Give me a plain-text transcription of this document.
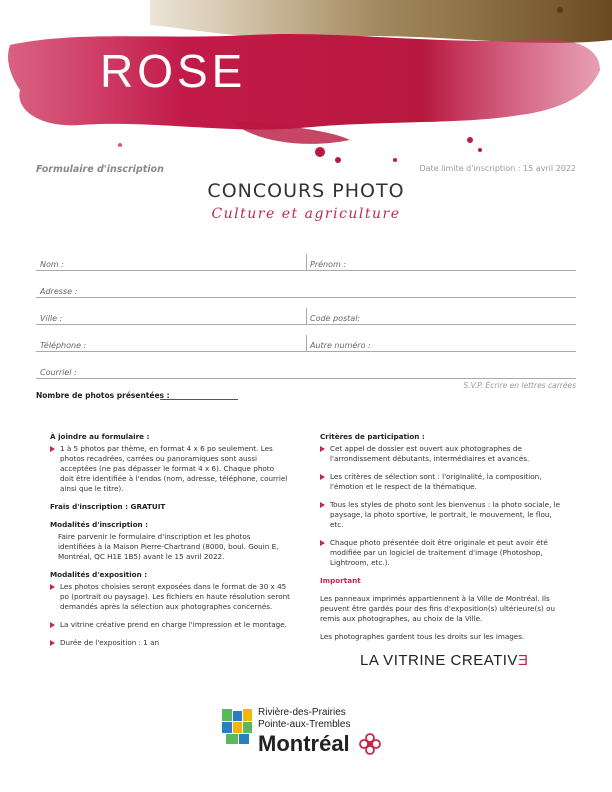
ROSE
Formulaire d'inscription	Date limite d'inscription : 15 avril 2022
CONCOURS PHOTO
Culture et agriculture
Nom :	Prénom :
Adresse :
Ville :	Code postal:
Téléphone :	Autre numéro :
Courriel :
S.V.P. Écrire en lettres carrées
Nombre de photos présentées :
À joindre au formulaire :
1 à 5 photos par thème, en format 4 x 6 po seulement. Les photos recadrées, carrées ou panoramiques sont aussi acceptées (ne pas dépasser le format 4 x 6). Chaque photo doit être identifiée à l'endos (nom, adresse, téléphone, courriel ainsi que le titre).

Frais d'inscription : GRATUIT

Modalités d'inscription :

Faire parvenir le formulaire d'inscription et les photos identifiées à la Maison Pierre-Chartrand (8000, boul. Gouin E, Montréal, QC H1E 1B5) avant le 15 avril 2022.

Modalités d'exposition :
Les photos choisies seront exposées dans le format de 30 x 45 po (portrait ou paysage). Les fichiers en haute résolution seront demandés après la sélection aux photographes concernés.
La vitrine créative prend en charge l'impression et le montage.
Durée de l'exposition : 1 an
Critères de participation :
Cet appel de dossier est ouvert aux photographes de l'arrondissement débutants, intermédiaires et avancés.
Les critères de sélection sont : l'originalité, la composition, l'émotion et le respect de la thématique.
Tous les styles de photo sont les bienvenus : la photo sociale, le paysage, la photo sportive, le portrait, le mouvement, le flou, etc.
Chaque photo présentée doit être originale et peut avoir été modifiée par un logiciel de traitement d'image (Photoshop, Lightroom, etc.).

Important

Les panneaux imprimés appartiennent à la Ville de Montréal. Ils peuvent être gardés pour des fins d'exposition(s) ultérieure(s) ou remis aux photographes, au choix de la Ville.

Les photographes gardent tous les droits sur les images.

LA VITRINE CREATIVƎ
Rivière-des-Prairies
Pointe-aux-Trembles
Montréal
